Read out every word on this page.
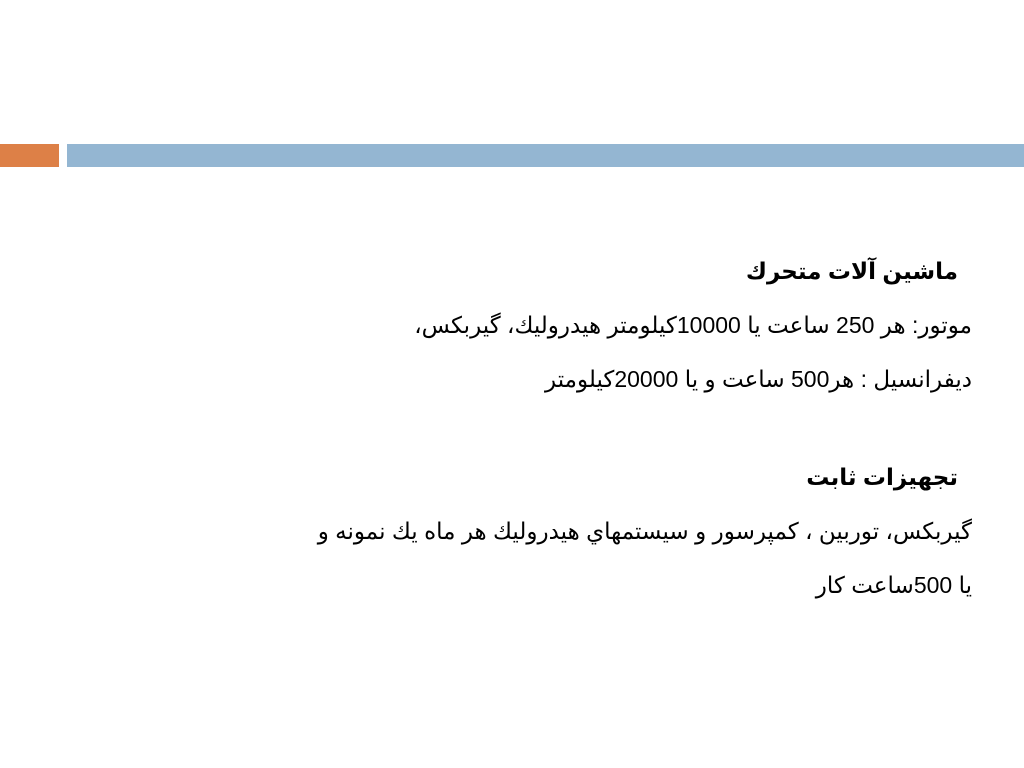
ماشين آلات متحرك
موتور: هر 250 ساعت يا 10000كيلومتر هيدروليك، گيربكس،
ديفرانسيل : هر500 ساعت و يا 20000كيلومتر
تجهيزات ثابت
گيربكس، توربين ، كمپرسور و سيستمهاي هيدروليك هر ماه يك نمونه و
يا 500ساعت كار
